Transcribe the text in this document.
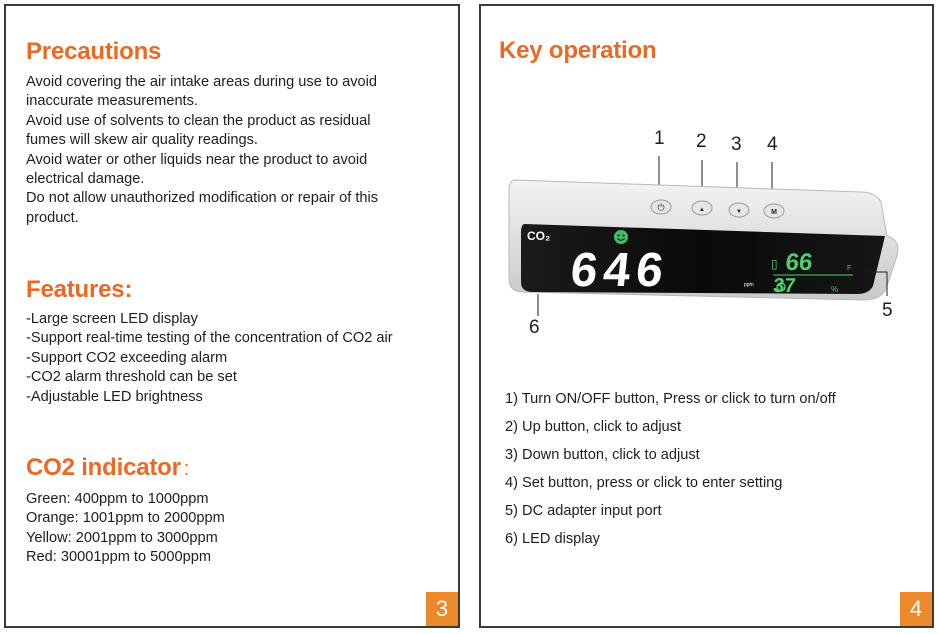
Precautions

Avoid covering the air intake areas during use to avoid
inaccurate measurements.
Avoid use of solvents to clean the product as residual
fumes will skew air quality readings.
Avoid water or other liquids near the product to avoid
electrical damage.
Do not allow unauthorized modification or repair of this
product.

Features:

-Large screen LED display
-Support real-time testing of the concentration of CO2 air
-Support CO2 exceeding alarm
-CO2 alarm threshold can be set
-Adjustable LED brightness

CO2 indicator :

Green: 400ppm to 1000ppm
Orange: 1001ppm to 2000ppm
Yellow: 2001ppm to 3000ppm
Red: 30001ppm to 5000ppm

3
Key operation
1 2 3 4
5
6
⏻	▲	▼	M
CO₂
646	ppm
▯ 66	F
37	%
1) Turn ON/OFF button, Press or click to turn on/off
2) Up button, click to adjust
3) Down button, click to adjust
4) Set button, press or click to enter setting
5) DC adapter input port
6) LED display
4
